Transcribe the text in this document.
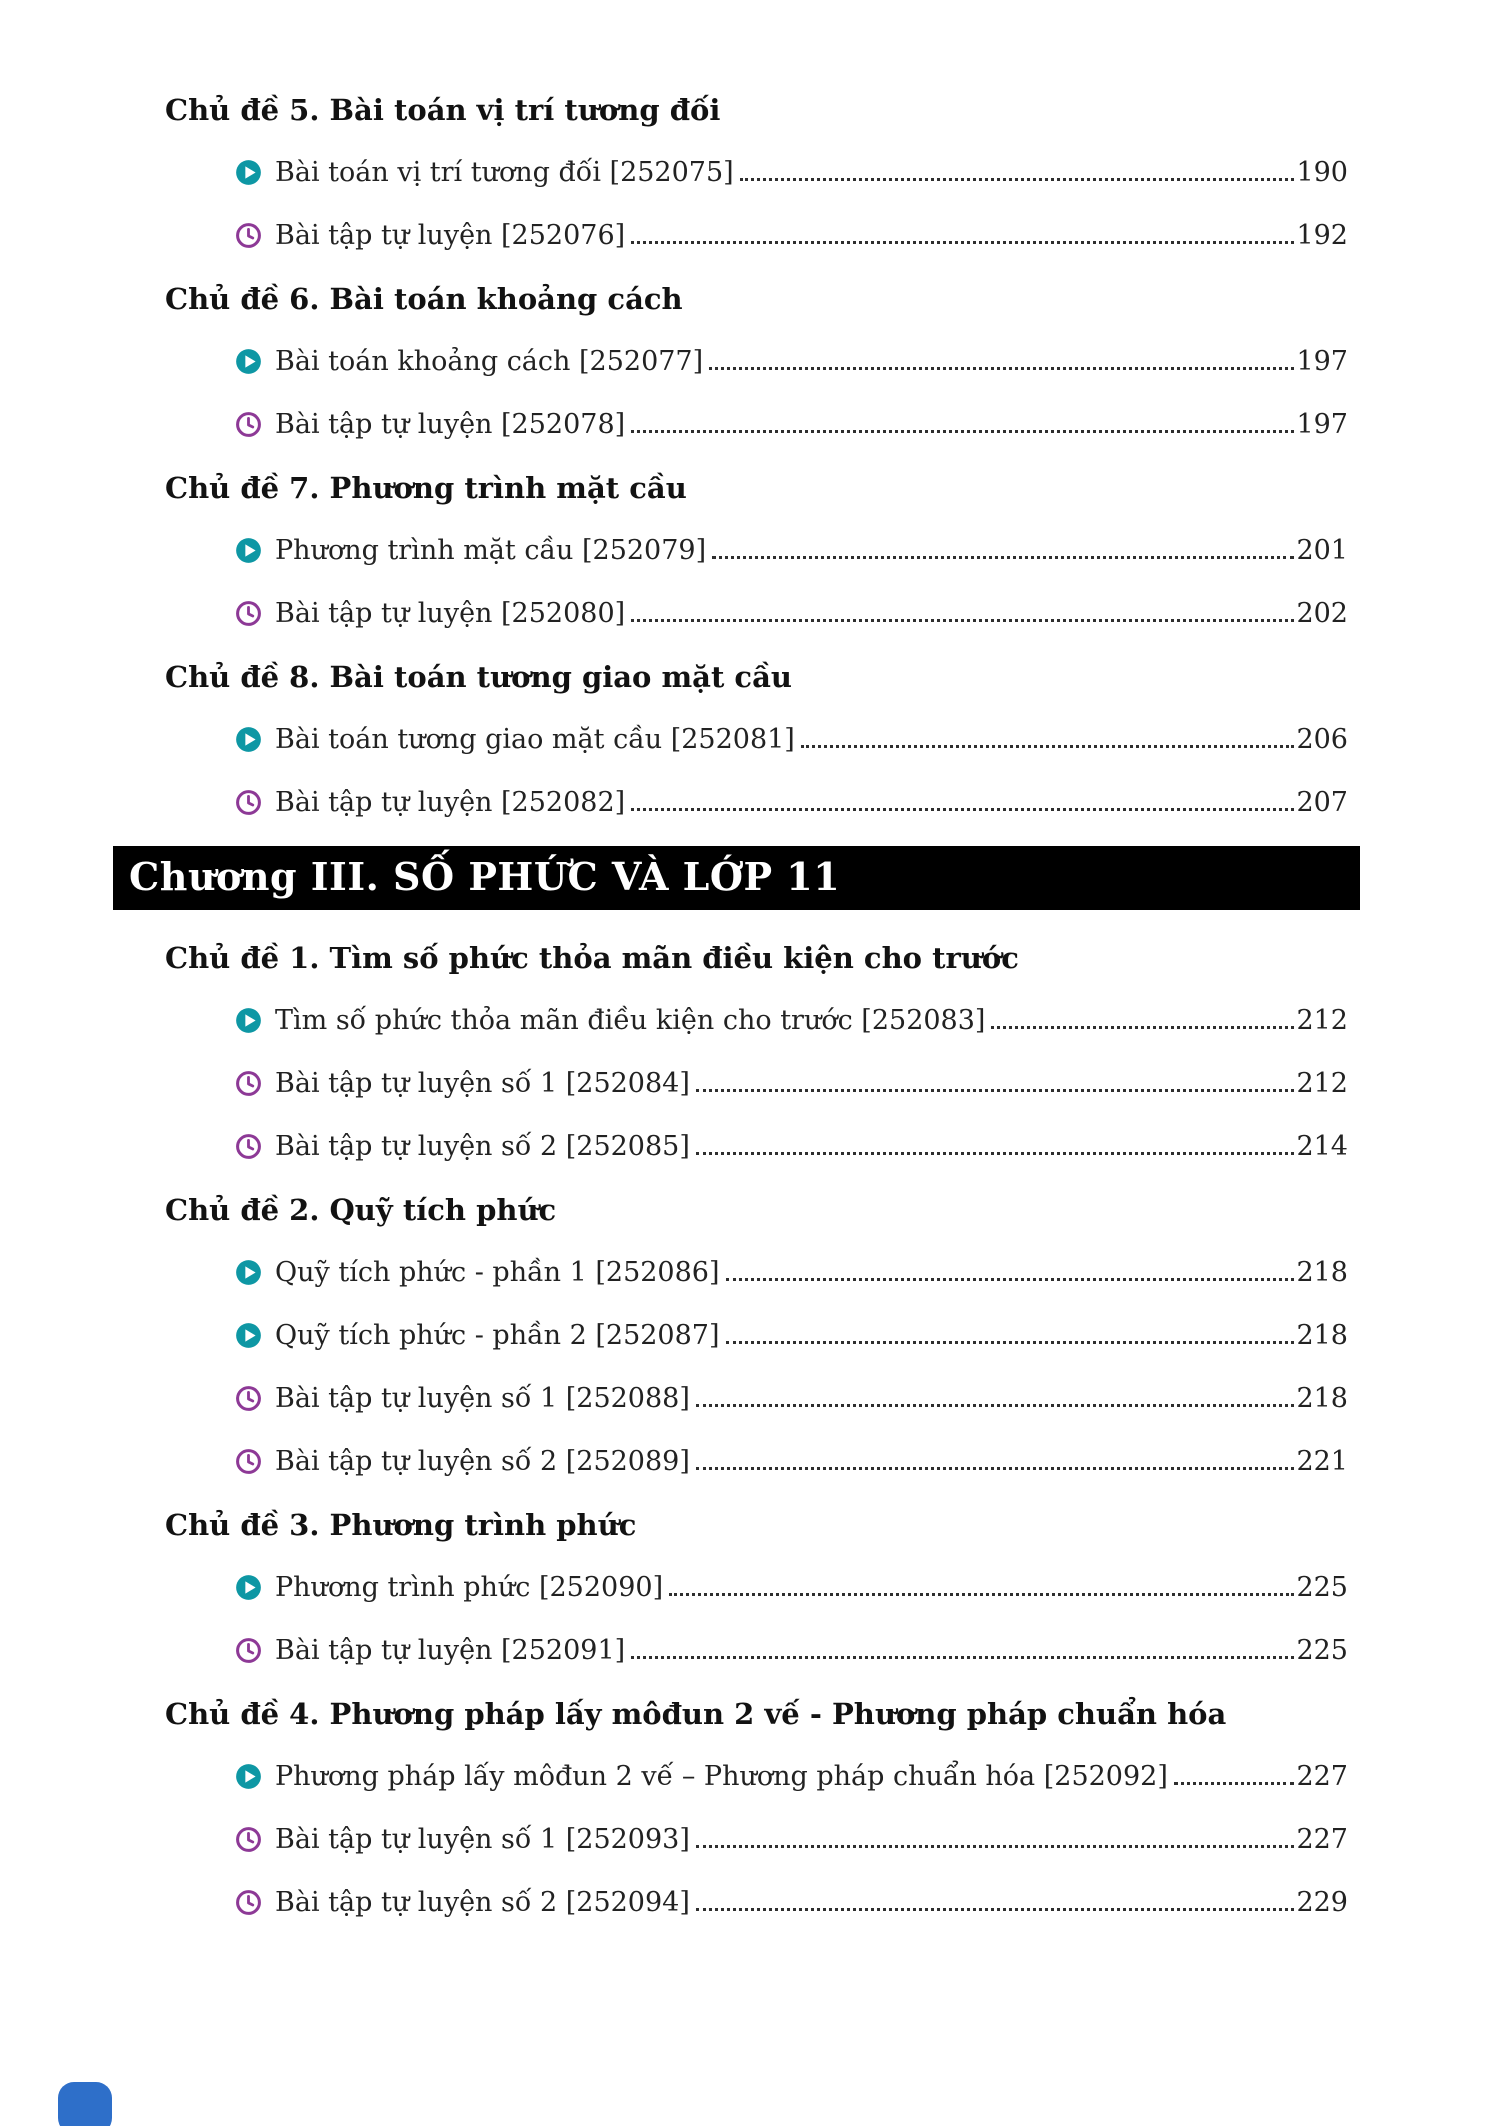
Chủ đề 5. Bài toán vị trí tương đối
Bài toán vị trí tương đối [252075]	190
Bài tập tự luyện [252076]	192
Chủ đề 6. Bài toán khoảng cách
Bài toán khoảng cách [252077]	197
Bài tập tự luyện [252078]	197
Chủ đề 7. Phương trình mặt cầu
Phương trình mặt cầu [252079]	201
Bài tập tự luyện [252080]	202
Chủ đề 8. Bài toán tương giao mặt cầu
Bài toán tương giao mặt cầu [252081]	206
Bài tập tự luyện [252082]	207
Chương III. SỐ PHỨC VÀ LỚP 11
Chủ đề 1. Tìm số phức thỏa mãn điều kiện cho trước
Tìm số phức thỏa mãn điều kiện cho trước [252083]	212
Bài tập tự luyện số 1 [252084]	212
Bài tập tự luyện số 2 [252085]	214
Chủ đề 2. Quỹ tích phức
Quỹ tích phức - phần 1 [252086]	218
Quỹ tích phức - phần 2 [252087]	218
Bài tập tự luyện số 1 [252088]	218
Bài tập tự luyện số 2 [252089]	221
Chủ đề 3. Phương trình phức
Phương trình phức [252090]	225
Bài tập tự luyện [252091]	225
Chủ đề 4. Phương pháp lấy môđun 2 vế - Phương pháp chuẩn hóa
Phương pháp lấy môđun 2 vế – Phương pháp chuẩn hóa [252092]	227
Bài tập tự luyện số 1 [252093]	227
Bài tập tự luyện số 2 [252094]	229
